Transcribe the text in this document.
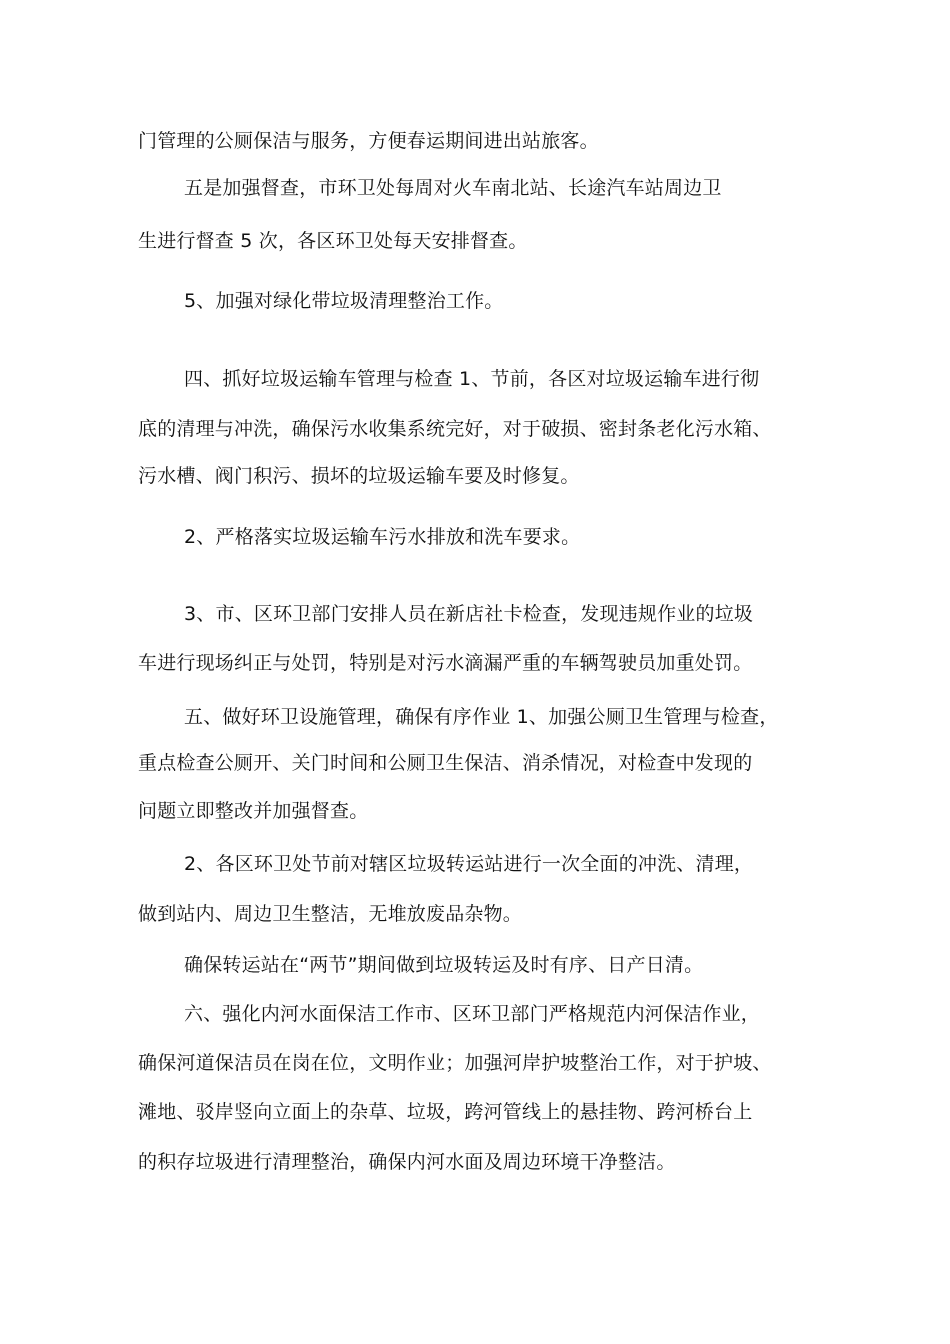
门管理的公厕保洁与服务，方便春运期间进出站旅客。
五是加强督查，市环卫处每周对火车南北站、长途汽车站周边卫
生进行督查 5 次，各区环卫处每天安排督查。
5、加强对绿化带垃圾清理整治工作。
四、抓好垃圾运输车管理与检查 1、节前，各区对垃圾运输车进行彻
底的清理与冲洗，确保污水收集系统完好，对于破损、密封条老化污水箱、
污水槽、阀门积污、损坏的垃圾运输车要及时修复。
2、严格落实垃圾运输车污水排放和洗车要求。
3、市、区环卫部门安排人员在新店社卡检查，发现违规作业的垃圾
车进行现场纠正与处罚，特别是对污水滴漏严重的车辆驾驶员加重处罚。
五、做好环卫设施管理，确保有序作业 1、加强公厕卫生管理与检查，
重点检查公厕开、关门时间和公厕卫生保洁、消杀情况，对检查中发现的
问题立即整改并加强督查。
2、各区环卫处节前对辖区垃圾转运站进行一次全面的冲洗、清理，
做到站内、周边卫生整洁，无堆放废品杂物。
确保转运站在“两节”期间做到垃圾转运及时有序、日产日清。
六、强化内河水面保洁工作市、区环卫部门严格规范内河保洁作业，
确保河道保洁员在岗在位，文明作业；加强河岸护坡整治工作，对于护坡、
滩地、驳岸竖向立面上的杂草、垃圾，跨河管线上的悬挂物、跨河桥台上
的积存垃圾进行清理整治，确保内河水面及周边环境干净整洁。
